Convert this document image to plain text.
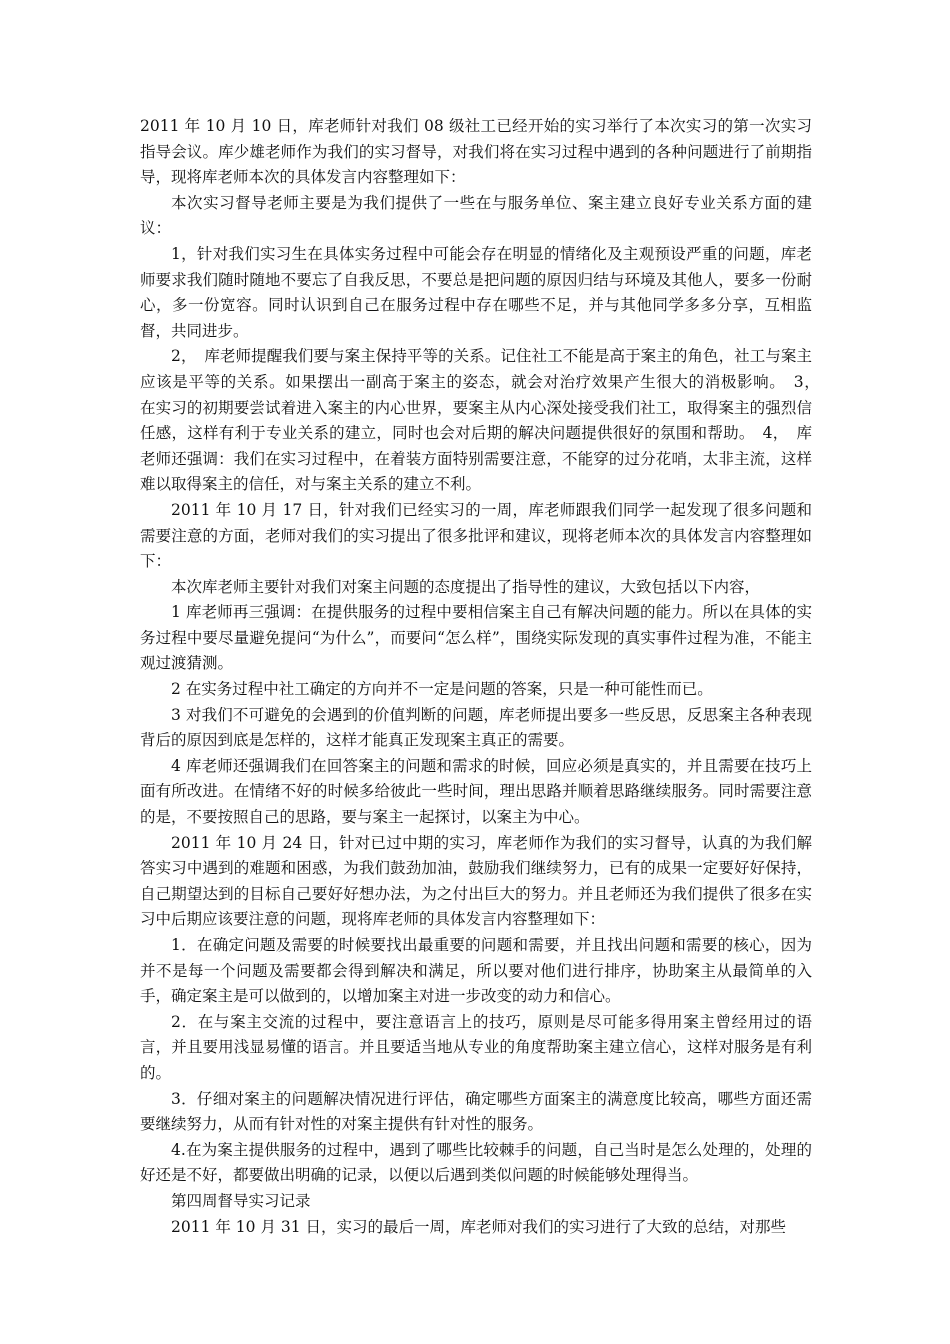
2011 年 10 月 10 日，库老师针对我们 08 级社工已经开始的实习举行了本次实习的第一次实习指导会议。库少雄老师作为我们的实习督导，对我们将在实习过程中遇到的各种问题进行了前期指导，现将库老师本次的具体发言内容整理如下：

本次实习督导老师主要是为我们提供了一些在与服务单位、案主建立良好专业关系方面的建议：

1，针对我们实习生在具体实务过程中可能会存在明显的情绪化及主观预设严重的问题，库老师要求我们随时随地不要忘了自我反思，不要总是把问题的原因归结与环境及其他人，要多一份耐心，多一份宽容。同时认识到自己在服务过程中存在哪些不足，并与其他同学多多分享，互相监督，共同进步。

2，　库老师提醒我们要与案主保持平等的关系。记住社工不能是高于案主的角色，社工与案主应该是平等的关系。如果摆出一副高于案主的姿态，就会对治疗效果产生很大的消极影响。　3，　在实习的初期要尝试着进入案主的内心世界，要案主从内心深处接受我们社工，取得案主的强烈信任感，这样有利于专业关系的建立，同时也会对后期的解决问题提供很好的氛围和帮助。　4，　库老师还强调：我们在实习过程中，在着装方面特别需要注意，不能穿的过分花哨，太非主流，这样难以取得案主的信任，对与案主关系的建立不利。

2011 年 10 月 17 日，针对我们已经实习的一周，库老师跟我们同学一起发现了很多问题和需要注意的方面，老师对我们的实习提出了很多批评和建议，现将老师本次的具体发言内容整理如下：

本次库老师主要针对我们对案主问题的态度提出了指导性的建议，大致包括以下内容，

1 库老师再三强调：在提供服务的过程中要相信案主自己有解决问题的能力。所以在具体的实务过程中要尽量避免提问“为什么”，而要问“怎么样”，围绕实际发现的真实事件过程为准，不能主观过渡猜测。

2 在实务过程中社工确定的方向并不一定是问题的答案，只是一种可能性而已。

3 对我们不可避免的会遇到的价值判断的问题，库老师提出要多一些反思，反思案主各种表现背后的原因到底是怎样的，这样才能真正发现案主真正的需要。

4 库老师还强调我们在回答案主的问题和需求的时候，回应必须是真实的，并且需要在技巧上面有所改进。在情绪不好的时候多给彼此一些时间，理出思路并顺着思路继续服务。同时需要注意的是，不要按照自己的思路，要与案主一起探讨，以案主为中心。

2011 年 10 月 24 日，针对已过中期的实习，库老师作为我们的实习督导，认真的为我们解答实习中遇到的难题和困惑，为我们鼓劲加油，鼓励我们继续努力，已有的成果一定要好好保持，自己期望达到的目标自己要好好想办法，为之付出巨大的努力。并且老师还为我们提供了很多在实习中后期应该要注意的问题，现将库老师的具体发言内容整理如下：

1．在确定问题及需要的时候要找出最重要的问题和需要，并且找出问题和需要的核心，因为并不是每一个问题及需要都会得到解决和满足，所以要对他们进行排序，协助案主从最简单的入手，确定案主是可以做到的，以增加案主对进一步改变的动力和信心。

2．在与案主交流的过程中，要注意语言上的技巧，原则是尽可能多得用案主曾经用过的语言，并且要用浅显易懂的语言。并且要适当地从专业的角度帮助案主建立信心，这样对服务是有利的。

3．仔细对案主的问题解决情况进行评估，确定哪些方面案主的满意度比较高，哪些方面还需要继续努力，从而有针对性的对案主提供有针对性的服务。

4.在为案主提供服务的过程中，遇到了哪些比较棘手的问题，自己当时是怎么处理的，处理的好还是不好，都要做出明确的记录，以便以后遇到类似问题的时候能够处理得当。

第四周督导实习记录

2011 年 10 月 31 日，实习的最后一周，库老师对我们的实习进行了大致的总结，对那些
